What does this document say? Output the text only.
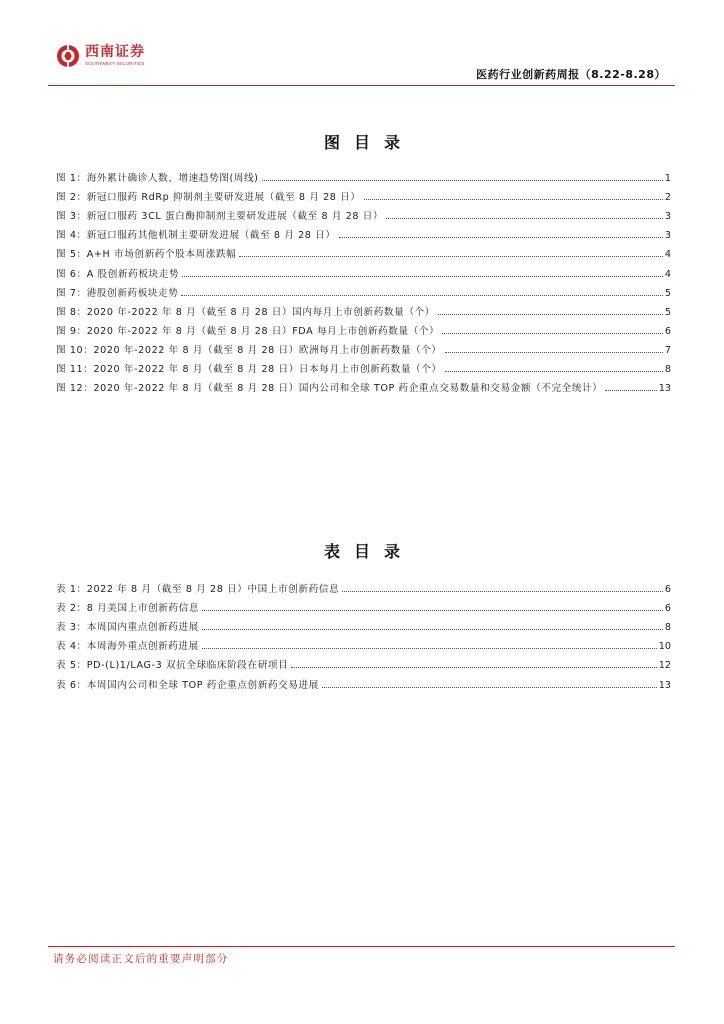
西南证券
SOUTHWEST SECURITIES
医药行业创新药周报（8.22-8.28）
图目录
图 1：海外累计确诊人数、增速趋势图(周线)	1
图 2：新冠口服药 RdRp 抑制剂主要研发进展（截至 8 月 28 日）	2
图 3：新冠口服药 3CL 蛋白酶抑制剂主要研发进展（截至 8 月 28 日）	3
图 4：新冠口服药其他机制主要研发进展（截至 8 月 28 日）	3
图 5：A+H 市场创新药个股本周涨跌幅	4
图 6：A 股创新药板块走势	4
图 7：港股创新药板块走势	5
图 8：2020 年-2022 年 8 月（截至 8 月 28 日）国内每月上市创新药数量（个）	5
图 9：2020 年-2022 年 8 月（截至 8 月 28 日）FDA 每月上市创新药数量（个）	6
图 10：2020 年-2022 年 8 月（截至 8 月 28 日）欧洲每月上市创新药数量（个）	7
图 11：2020 年-2022 年 8 月（截至 8 月 28 日）日本每月上市创新药数量（个）	8
图 12：2020 年-2022 年 8 月（截至 8 月 28 日）国内公司和全球 TOP 药企重点交易数量和交易金额（不完全统计）	13
表目录
表 1：2022 年 8 月（截至 8 月 28 日）中国上市创新药信息	6
表 2：8 月美国上市创新药信息	6
表 3：本周国内重点创新药进展	8
表 4：本周海外重点创新药进展	10
表 5：PD-(L)1/LAG-3 双抗全球临床阶段在研项目	12
表 6：本周国内公司和全球 TOP 药企重点创新药交易进展	13
请务必阅读正文后的重要声明部分
